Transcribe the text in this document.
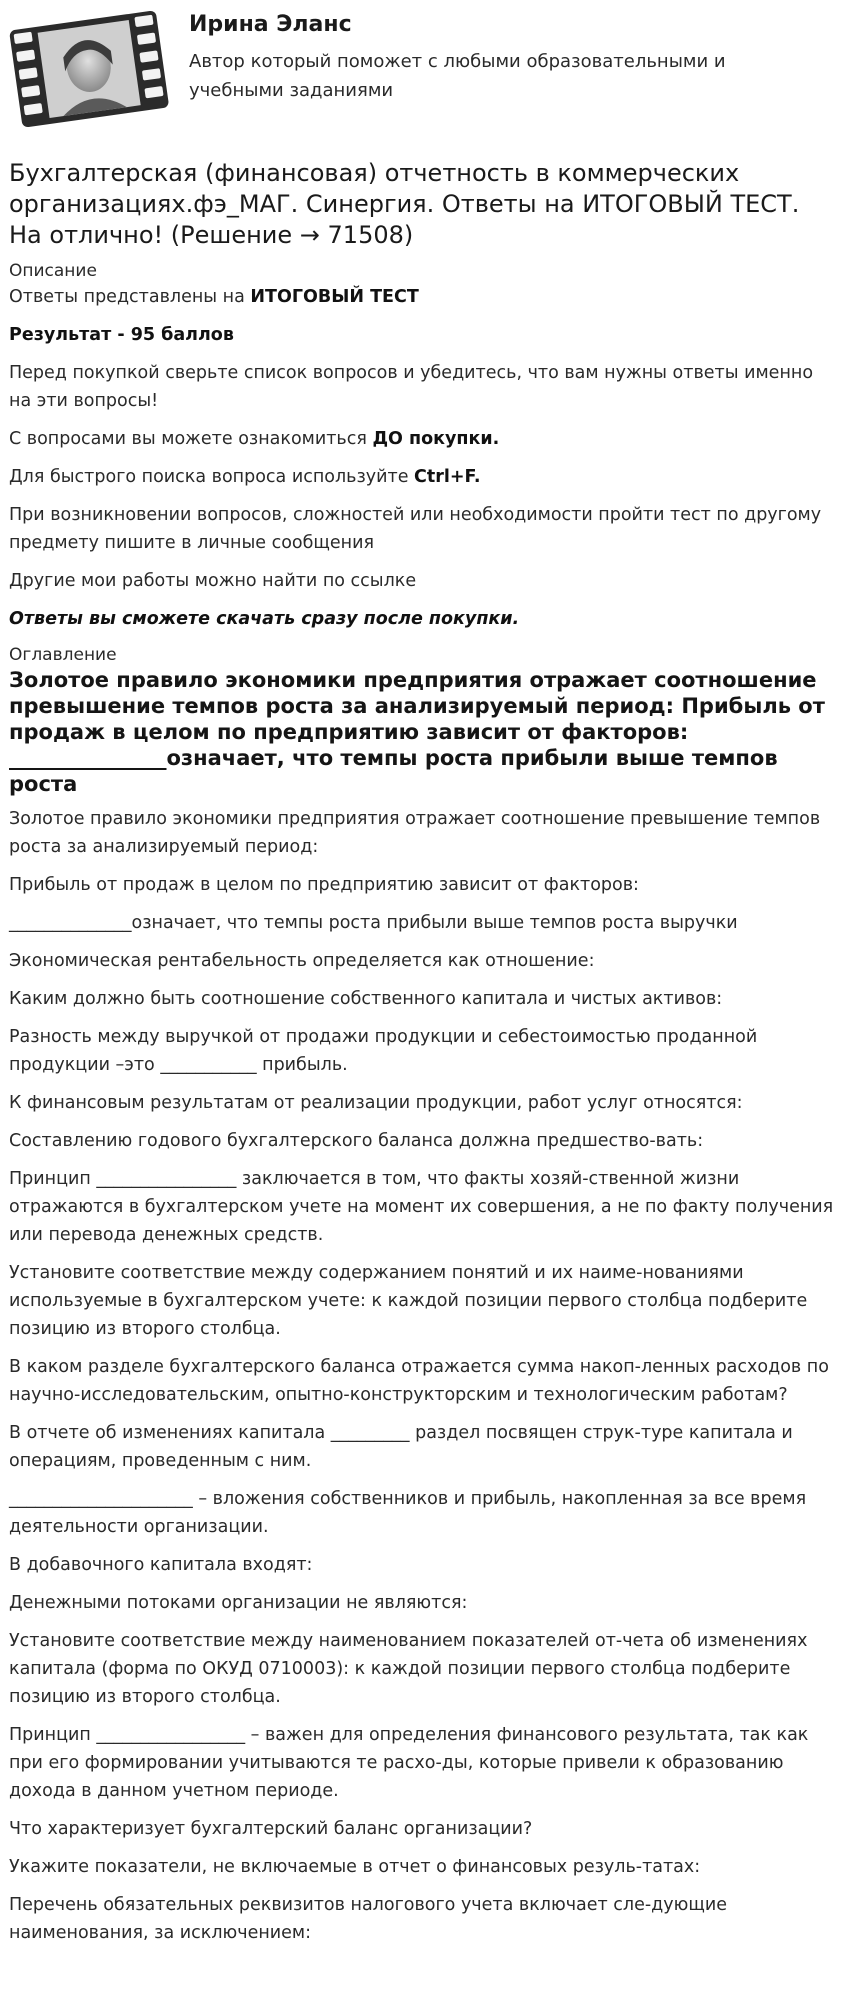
Ирина Эланс
Автор который поможет с любыми образовательными и учебными заданиями
Бухгалтерская (финансовая) отчетность в коммерческих организациях.фэ_МАГ. Синергия. Ответы на ИТОГОВЫЙ ТЕСТ. На отлично! (Решение → 71508)
Описание

Ответы представлены на ИТОГОВЫЙ ТЕСТ

Результат - 95 баллов

Перед покупкой сверьте список вопросов и убедитесь, что вам нужны ответы именно на эти вопросы!

С вопросами вы можете ознакомиться ДО покупки.

Для быстрого поиска вопроса используйте Ctrl+F.

При возникновении вопросов, сложностей или необходимости пройти тест по другому предмету пишите в личные сообщения

Другие мои работы можно найти по ссылке

Ответы вы сможете скачать сразу после покупки.

Оглавление
Золотое правило экономики предприятия отражает соотношение превышение темпов роста за анализируемый период: Прибыль от продаж в целом по предприятию зависит от факторов: _______________означает, что темпы роста прибыли выше темпов роста

Золотое правило экономики предприятия отражает соотношение превышение темпов роста за анализируемый период:

Прибыль от продаж в целом по предприятию зависит от факторов:

______________означает, что темпы роста прибыли выше темпов роста выручки

Экономическая рентабельность определяется как отношение:

Каким должно быть соотношение собственного капитала и чистых активов:

Разность между выручкой от продажи продукции и себестоимостью проданной продукции –это ___________ прибыль.

К финансовым результатам от реализации продукции, работ услуг относятся:

Составлению годового бухгалтерского баланса должна предшество-вать:

Принцип ________________ заключается в том, что факты хозяй-ственной жизни отражаются в бухгалтерском учете на момент их совершения, а не по факту получения или перевода денежных средств.

Установите соответствие между содержанием понятий и их наиме-нованиями используемые в бухгалтерском учете: к каждой позиции первого столбца подберите позицию из второго столбца.

В каком разделе бухгалтерского баланса отражается сумма накоп-ленных расходов по научно-исследовательским, опытно-конструкторским и технологическим работам?

В отчете об изменениях капитала _________ раздел посвящен струк-туре капитала и операциям, проведенным с ним.

_____________________ – вложения собственников и прибыль, накопленная за все время деятельности организации.

В добавочного капитала входят:

Денежными потоками организации не являются:

Установите соответствие между наименованием показателей от-чета об изменениях капитала (форма по ОКУД 0710003): к каждой позиции первого столбца подберите позицию из второго столбца.

Принцип _________________ – важен для определения финансового результата, так как при его формировании учитываются те расхо-ды, которые привели к образованию дохода в данном учетном периоде.

Что характеризует бухгалтерский баланс организации?

Укажите показатели, не включаемые в отчет о финансовых резуль-татах:

Перечень обязательных реквизитов налогового учета включает сле-дующие наименования, за исключением:
